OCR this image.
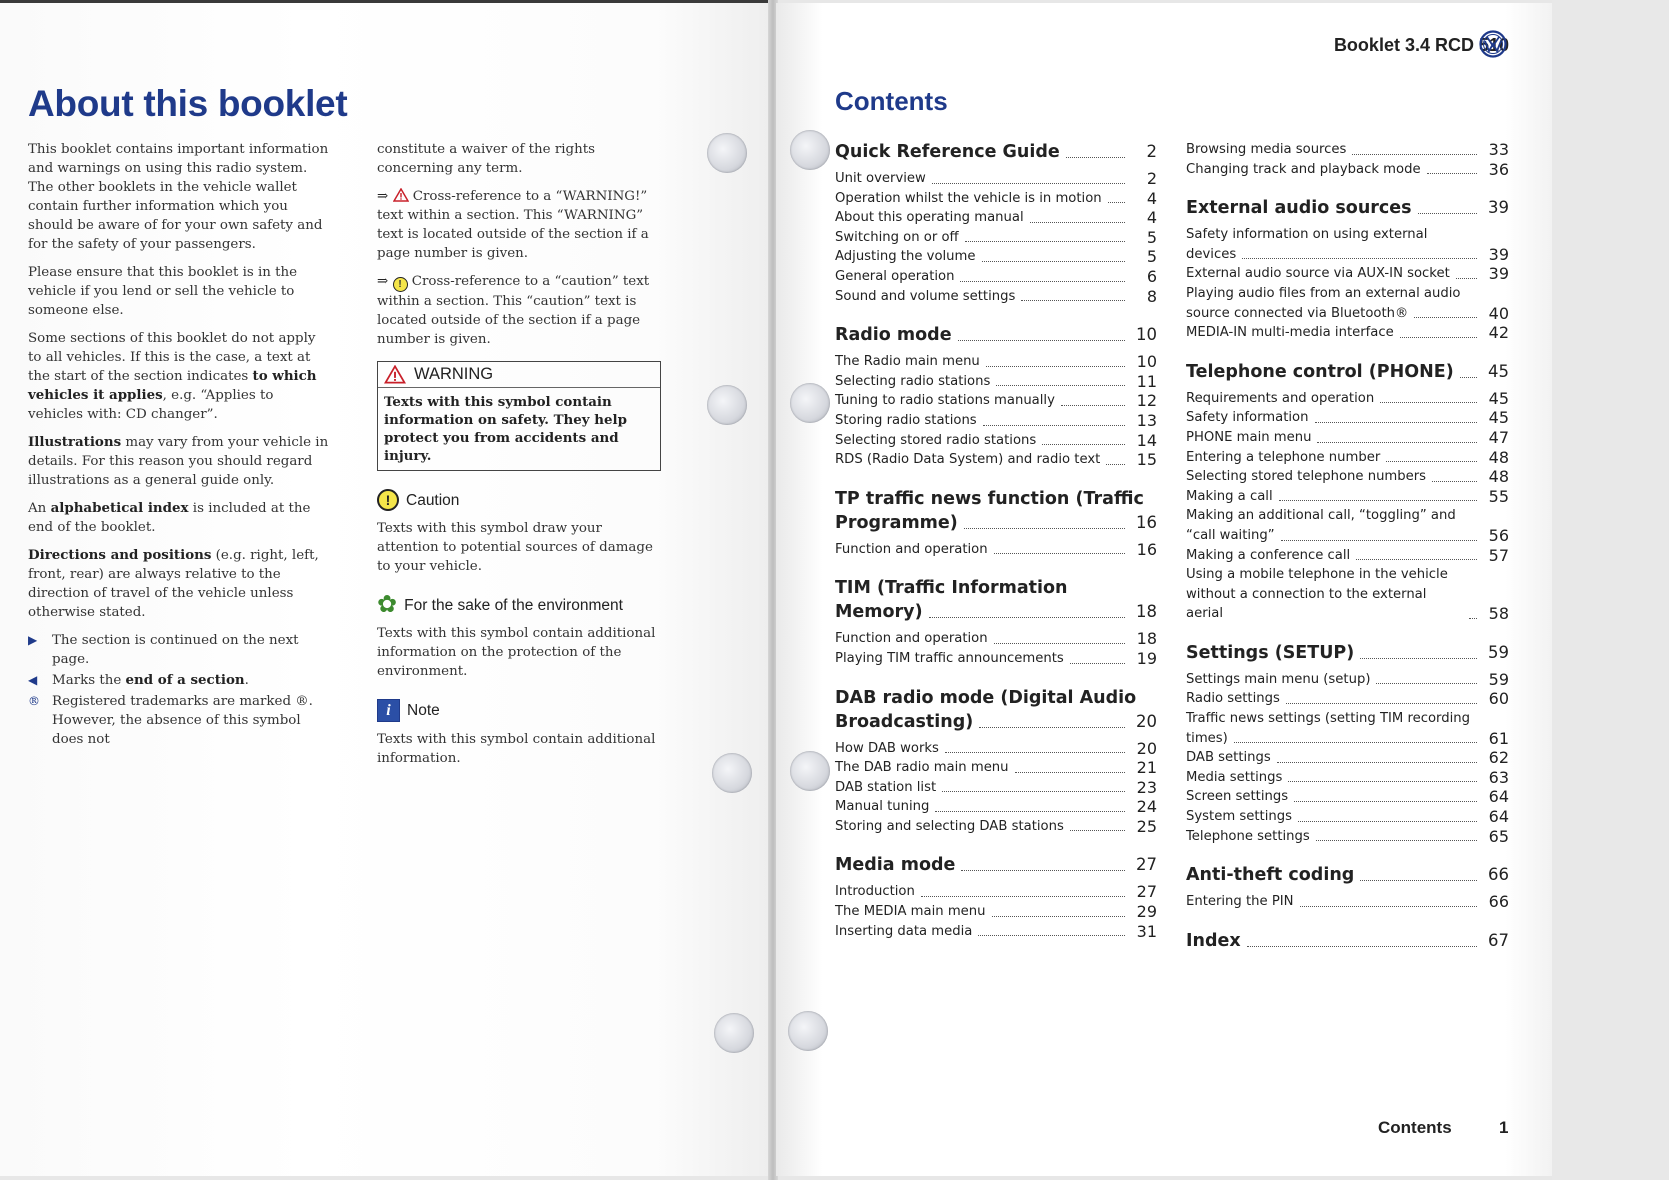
About this booklet

This booklet contains important information and warnings on using this radio system. The other booklets in the vehicle wallet contain further information which you should be aware of for your own safety and for the safety of your passengers.

Please ensure that this booklet is in the vehicle if you lend or sell the vehicle to someone else.

Some sections of this booklet do not apply to all vehicles. If this is the case, a text at the start of the section indicates to which vehicles it applies, e.g. “Applies to vehicles with: CD changer”.

Illustrations may vary from your vehicle in details. For this reason you should regard illustrations as a general guide only.

An alphabetical index is included at the end of the booklet.

Directions and positions (e.g. right, left, front, rear) are always relative to the direction of travel of the vehicle unless otherwise stated.

▶	The section is continued on the next page.
◀	Marks the end of a section.
® Registered trademarks are marked ®. However, the absence of this symbol does not

constitute a waiver of the rights concerning any term.

⇒ Cross-reference to a “WARNING!” text within a section. This “WARNING” text is located outside of the section if a page number is given.

⇒ ! Cross-reference to a “caution” text within a section. This “caution” text is located outside of the section if a page number is given.

WARNING
Texts with this symbol contain information on safety. They help protect you from accidents and injury.
!	Caution

Texts with this symbol draw your attention to potential sources of damage to your vehicle.

✿ For the sake of the environment

Texts with this symbol contain additional information on the protection of the environment.

i	Note

Texts with this symbol contain additional information.

Booklet 3.4 RCD 510
Contents
Quick Reference Guide	2
Unit overview	2
Operation whilst the vehicle is in motion	4
About this operating manual	4
Switching on or off	5
Adjusting the volume	5
General operation	6
Sound and volume settings	8
Radio mode	10
The Radio main menu	10
Selecting radio stations	11
Tuning to radio stations manually	12
Storing radio stations	13
Selecting stored radio stations	14
RDS (Radio Data System) and radio text	15
TP traffic news function (Traffic
Programme)	16
Function and operation	16
TIM (Traffic Information
Memory)	18
Function and operation	18
Playing TIM traffic announcements	19
DAB radio mode (Digital Audio
Broadcasting)	20
How DAB works	20
The DAB radio main menu	21
DAB station list	23
Manual tuning	24
Storing and selecting DAB stations	25
Media mode	27
Introduction	27
The MEDIA main menu	29
Inserting data media	31
Browsing media sources	33
Changing track and playback mode	36
External audio sources	39
Safety information on using external
devices	39
External audio source via AUX-IN socket	39
Playing audio files from an external audio
source connected via Bluetooth®	40
MEDIA-IN multi-media interface	42
Telephone control (PHONE)	45
Requirements and operation	45
Safety information	45
PHONE main menu	47
Entering a telephone number	48
Selecting stored telephone numbers	48
Making a call	55
Making an additional call, “toggling” and
“call waiting”	56
Making a conference call	57
Using a mobile telephone in the vehicle
without a connection to the external aerial	58
Settings (SETUP)	59
Settings main menu (setup)	59
Radio settings	60
Traffic news settings (setting TIM recording
times)	61
DAB settings	62
Media settings	63
Screen settings	64
System settings	64
Telephone settings	65
Anti-theft coding	66
Entering the PIN	66
Index	67
Contents	1
